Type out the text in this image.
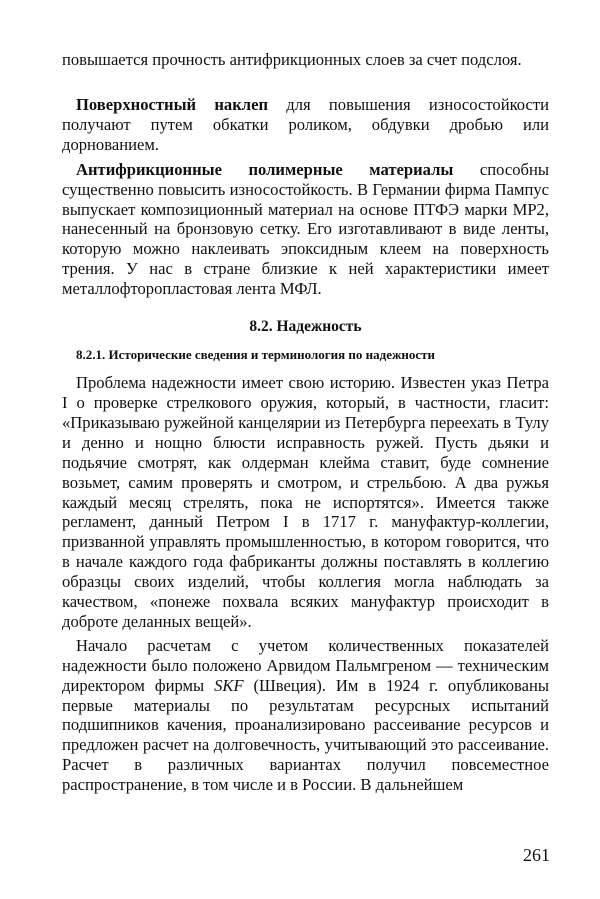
повышается прочность антифрикционных слоев за счет подслоя.

Поверхностный наклеп для повышения износостойкости получают путем обкатки роликом, обдувки дробью или дорнованием.

Антифрикционные полимерные материалы способны существенно повысить износостойкость. В Германии фирма Пампус выпускает композиционный материал на основе ПТФЭ марки МР2, нанесенный на бронзовую сетку. Его изготавливают в виде ленты, которую можно наклеивать эпоксидным клеем на поверхность трения. У нас в стране близкие к ней характеристики имеет металлофторопластовая лента МФЛ.

8.2. Надежность
8.2.1. Исторические сведения и терминология по надежности

Проблема надежности имеет свою историю. Известен указ Петра I о проверке стрелкового оружия, который, в частности, гласит: «Приказываю ружейной канцелярии из Петербурга переехать в Тулу и денно и нощно блюсти исправность ружей. Пусть дьяки и подьячие смотрят, как олдерман клейма ставит, буде сомнение возьмет, самим проверять и смотром, и стрельбою. А два ружья каждый месяц стрелять, пока не испортятся». Имеется также регламент, данный Петром I в 1717 г. мануфактур-коллегии, призванной управлять промышленностью, в котором говорится, что в начале каждого года фабриканты должны поставлять в коллегию образцы своих изделий, чтобы коллегия могла наблюдать за качеством, «понеже похвала всяких мануфактур происходит в доброте деланных вещей».

Начало расчетам с учетом количественных показателей надежности было положено Арвидом Пальмгреном — техническим директором фирмы SKF (Швеция). Им в 1924 г. опубликованы первые материалы по результатам ресурсных испытаний подшипников качения, проанализировано рассеивание ресурсов и предложен расчет на долговечность, учитывающий это рассеивание. Расчет в различных вариантах получил повсеместное распространение, в том числе и в России. В дальнейшем

261
